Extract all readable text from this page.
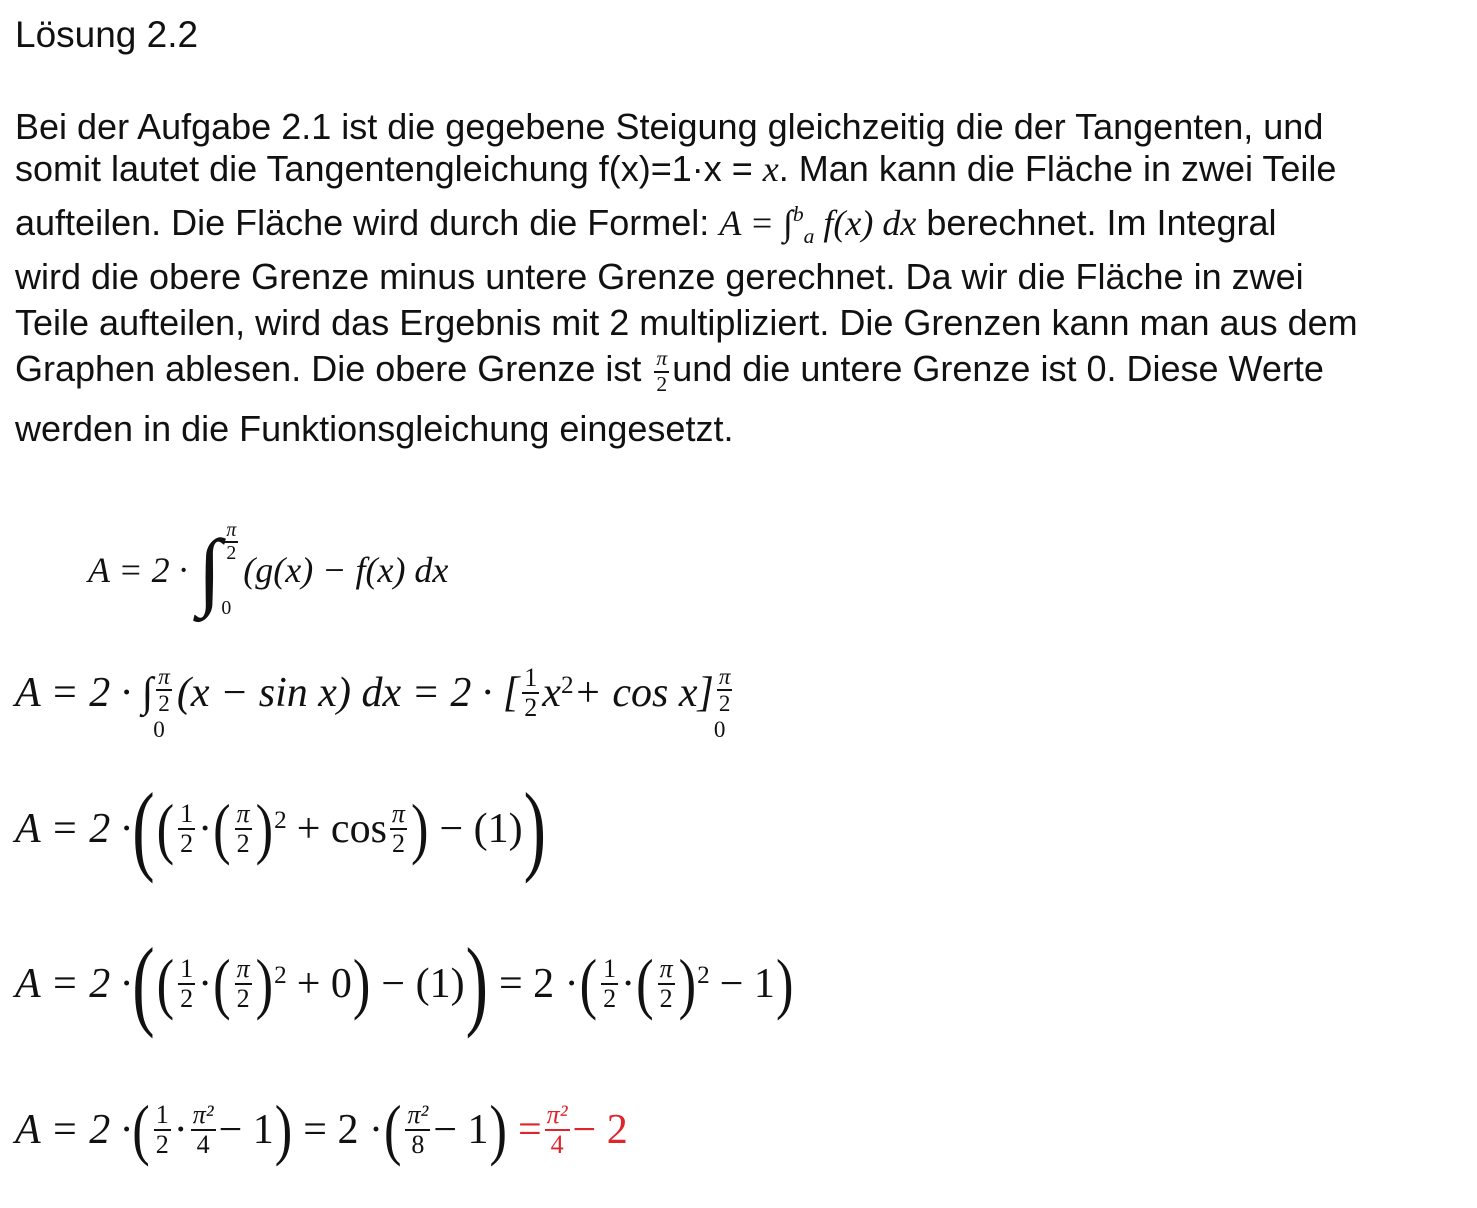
Lösung 2.2
Bei der Aufgabe 2.1 ist die gegebene Steigung gleichzeitig die der Tangenten, und
somit lautet die Tangentengleichung f(x)=1·x = x. Man kann die Fläche in zwei Teile
aufteilen. Die Fläche wird durch die Formel: A = ∫$^b_a$ f(x) dx berechnet. Im Integral
wird die obere Grenze minus untere Grenze gerechnet. Da wir die Fläche in zwei
Teile aufteilen, wird das Ergebnis mit 2 multipliziert. Die Grenzen kann man aus dem
Graphen ablesen. Die obere Grenze ist $\frac{\pi}{2}$ und die untere Grenze ist 0. Diese Werte
werden in die Funktionsgleichung eingesetzt.
A = 2 · ∫ $\frac{\pi}{2}$
0
(g(x) − f(x) dx
A = 2 · ∫ $\frac{\pi}{2}$
0
(x − sin x) dx = 2 · [ $\frac{1}{2}$ x $2 + \cos x] \frac{\pi}{2}$
0
A = 2 · ( ( $\frac{1}{2}$ · ( $\frac{\pi}{2}$ ) $2 + \cos \frac{\pi}{2}$ ) − (1) )
A = 2 · ( ( $\frac{1}{2}$ · ( $\frac{\pi}{2}$ ) 2 + 0 ) − (1) ) = 2 · ( $\frac{1}{2}$ · ( $\frac{\pi}{2}$ ) 2 − 1 )
A = 2 · ( $\frac{1}{2} \cdot \frac{\text{π²}}{4} - 1$ ) = 2 · ( $\frac{\text{π²}}{8} - 1$ ) = $\frac{\text{π²}}{4} - 2$
